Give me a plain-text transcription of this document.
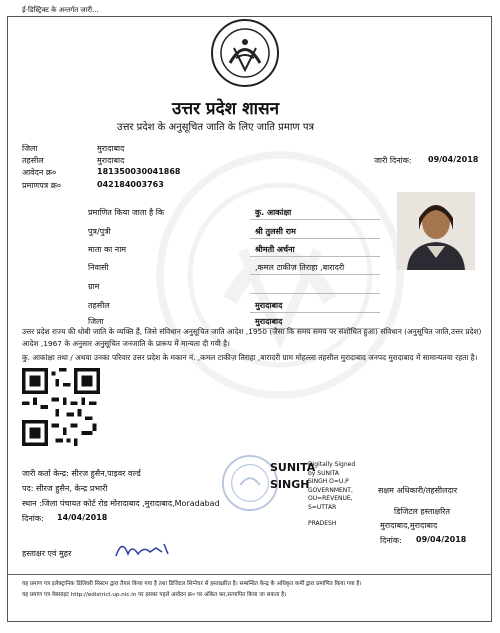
ई-डिस्ट्रिक्ट के अन्तर्गत जारी...
उत्तर प्रदेश शासन
उत्तर प्रदेश के अनुसूचित जाति के लिए जाति प्रमाण पत्र
जिला	मुरादाबाद
तहसील	मुरादाबाद
आवेदन क्र०	181350030041868
प्रमाणपत्र क्र०	042184003763
जारी दिनांक: 09/04/2018
प्रमाणित किया जाता है कि	कु. आकांक्षा
पुत्र/पुत्री	श्री तुलसी राम
माता का नाम	श्रीमती अर्चना
निवासी	,कमल टाकीज़ तिराहा ,बारादरी
ग्राम
तहसील	मुरादाबाद
जिला	मुरादाबाद
उत्तर प्रदेश राज्य की धोबी जाति के व्यक्ति हैं, जिसे संविधान अनुसूचित जाति आदेश ,1950 (जैसा कि समय समय पर संशोधित हुआ) संविधान (अनुसूचित जाति,उत्तर प्रदेश) आदेश ,1967 के अनुसार अनुसूचित जनजाति के प्रारूप में मान्यता दी गयी है।
कु. आकांक्षा तथा / अथवा उनका परिवार उत्तर प्रदेश के मकान नं. ,कमल टाकीज़ तिराहा ,बारादरी ग्राम मोहल्ला तहसील मुरादाबाद जनपद मुरादाबाद में सामान्यतया रहता है।
जारी कर्ता केन्द्र: सीरज हुसैन,पाइवर वर्ल्ड
पद: सीरज हुसैन, केन्द्र प्रभारी
स्थान :जिला पंचायत कोर्ट रोड मोरादाबाद ,मुरादाबाद,Moradabad
दिनांक: 14/04/2018
हस्ताक्षर एवं मुहर
SUNITA
SINGH
Digitally Signed
by SUNITA
SINGH O=U.P
GOVERNMENT,
OU=REVENUE,
S=UTTAR
PRADESH
सक्षम अधिकारी/तहसीलदार
डिजिटल हस्ताक्षरित
मुरादाबाद,मुरादाबाद
दिनांक: 09/04/2018
यह प्रमाण पत्र इलेक्ट्रानिक डिलिवरी सिस्टम द्वारा तैयार किया गया है तथा डिजिटल सिग्नेचर से हस्ताक्षरित है। सम्बन्धित केन्द्र के अधिकृत कर्मी द्वारा प्रमाणित किया गया है।
यह प्रमाण पत्र वेबसाइट http://edistrict.up.nic.in पर इसका पहले आवेदन क्र० पर अंकित कर,सत्यापित किया जा सकता है।
